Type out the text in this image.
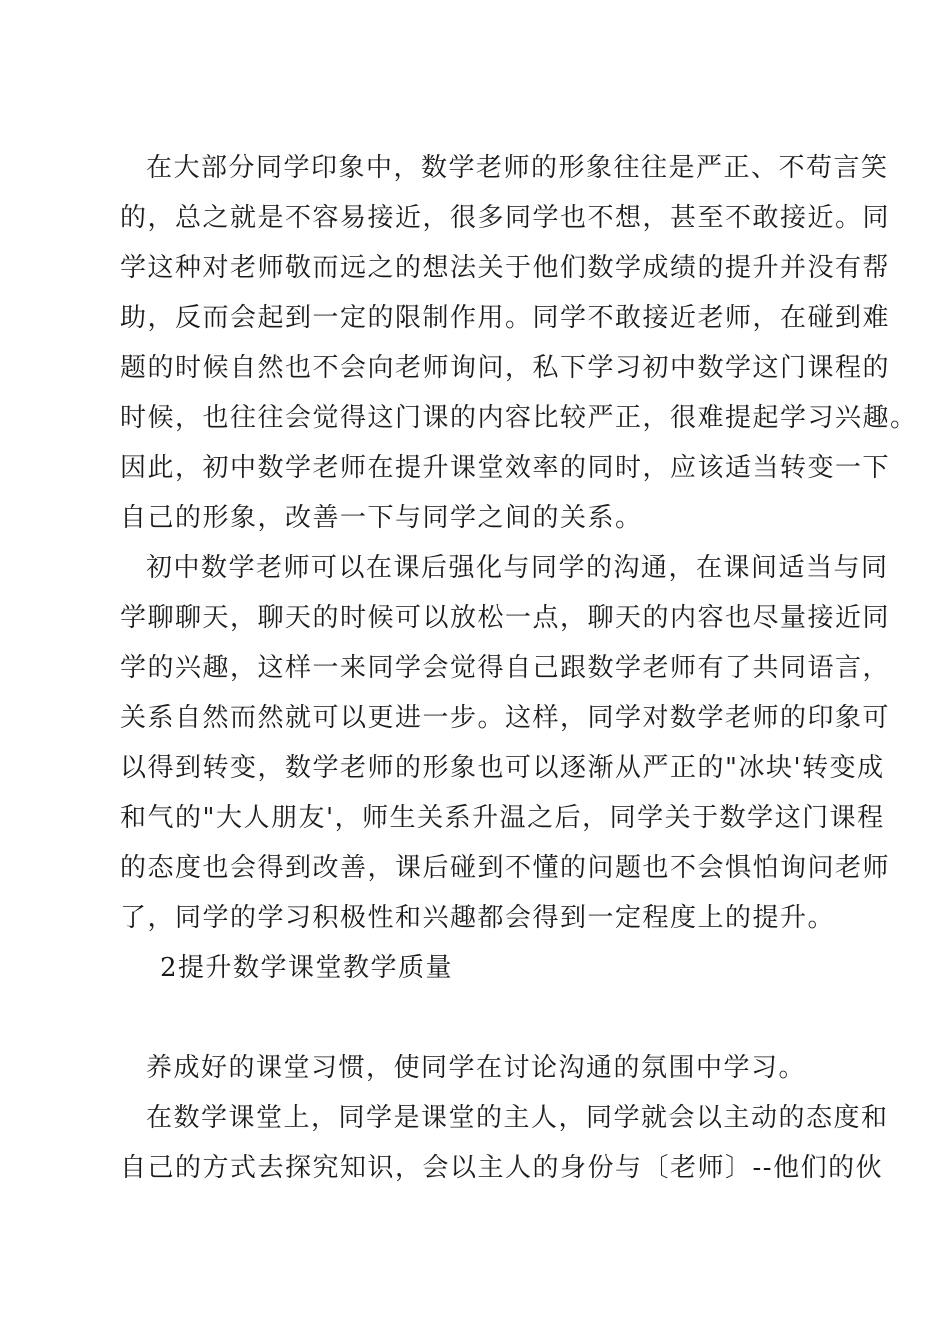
在大部分同学印象中，数学老师的形象往往是严正、不苟言笑
的，总之就是不容易接近，很多同学也不想，甚至不敢接近。同
学这种对老师敬而远之的想法关于他们数学成绩的提升并没有帮
助，反而会起到一定的限制作用。同学不敢接近老师，在碰到难
题的时候自然也不会向老师询问，私下学习初中数学这门课程的
时候，也往往会觉得这门课的内容比较严正，很难提起学习兴趣。
因此，初中数学老师在提升课堂效率的同时，应该适当转变一下
自己的形象，改善一下与同学之间的关系。
初中数学老师可以在课后强化与同学的沟通，在课间适当与同
学聊聊天，聊天的时候可以放松一点，聊天的内容也尽量接近同
学的兴趣，这样一来同学会觉得自己跟数学老师有了共同语言，
关系自然而然就可以更进一步。这样，同学对数学老师的印象可
以得到转变，数学老师的形象也可以逐渐从严正的"冰块'转变成
和气的"大人朋友'，师生关系升温之后，同学关于数学这门课程
的态度也会得到改善，课后碰到不懂的问题也不会惧怕询问老师
了，同学的学习积极性和兴趣都会得到一定程度上的提升。
2提升数学课堂教学质量
养成好的课堂习惯，使同学在讨论沟通的氛围中学习。
在数学课堂上，同学是课堂的主人，同学就会以主动的态度和
自己的方式去探究知识，会以主人的身份与〔老师〕--他们的伙
